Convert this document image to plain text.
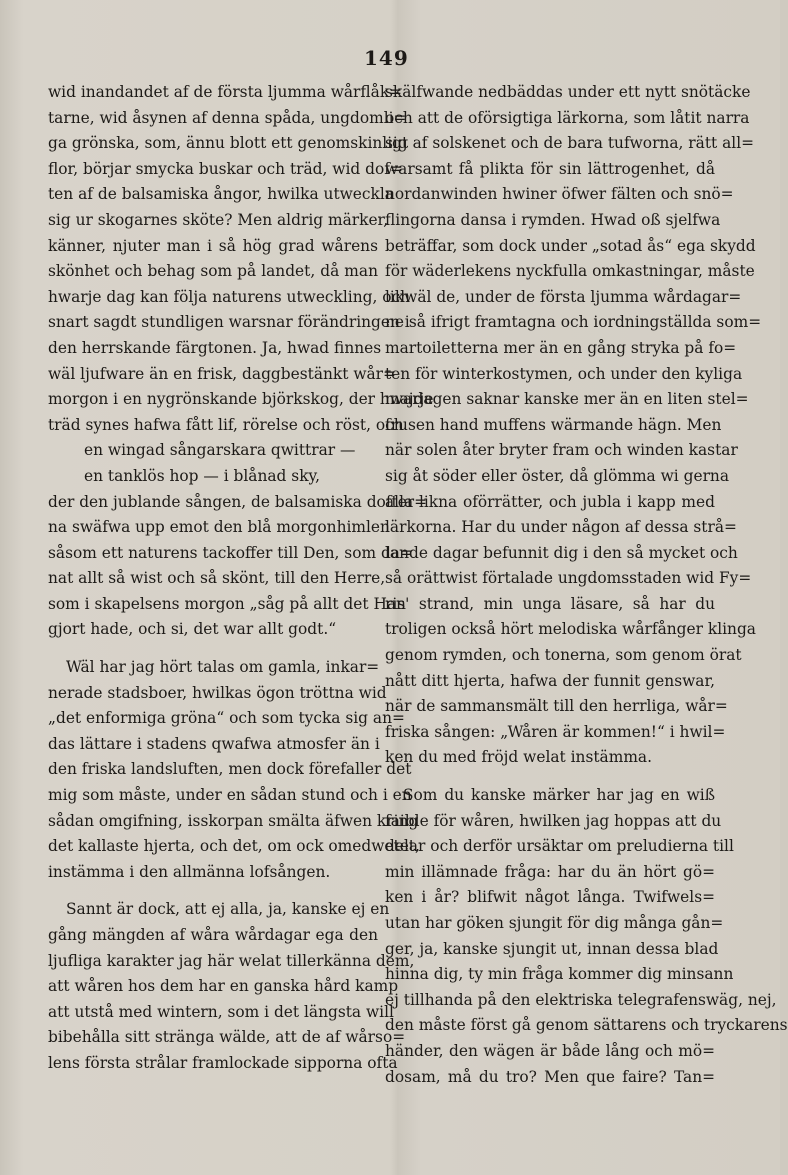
149
wid inandandet af de första ljumma wårflåk=
tarne, wid åsynen af denna spåda, ungdomli=
ga grönska, som, ännu blott ett genomskinligt
flor, börjar smycka buskar och träd, wid dof=
ten af de balsamiska ångor, hwilka utweckla
sig ur skogarnes sköte? Men aldrig märker,
känner, njuter man i så hög grad wårens
skönhet och behag som på landet, då man
hwarje dag kan följa naturens utweckling, och
snart sagdt stundligen warsnar förändringen i
den herrskande färgtonen. Ja, hwad finnes
wäl ljufware än en frisk, daggbestänkt wår=
morgon i en nygrönskande björkskog, der hwarje
träd synes hafwa fått lif, rörelse och röst, och
en wingad sångarskara qwittrar —
en tanklös hop — i blånad sky,
der den jublande sången, de balsamiska dofter=
na swäfwa upp emot den blå morgonhimlen
såsom ett naturens tackoffer till Den, som da=
nat allt så wist och så skönt, till den Herre,
som i skapelsens morgon „såg på allt det Han
gjort hade, och si, det war allt godt.“
Wäl har jag hört talas om gamla, inkar=
nerade stadsboer, hwilkas ögon tröttna wid
„det enformiga gröna“ och som tycka sig an=
das lättare i stadens qwafwa atmosfer än i
den friska landsluften, men dock förefaller det
mig som måste, under en sådan stund och i en
sådan omgifning, isskorpan smälta äfwen kring
det kallaste hjerta, och det, om ock omedwetet,
instämma i den allmänna lofsången.
Sannt är dock, att ej alla, ja, kanske ej en
gång mängden af wåra wårdagar ega den
ljufliga karakter jag här welat tillerkänna dem,
att wåren hos dem har en ganska hård kamp
att utstå med wintern, som i det längsta will
bibehålla sitt stränga wälde, att de af wårso=
lens första strålar framlockade sipporna ofta
skälfwande nedbäddas under ett nytt snötäcke
och att de oförsigtiga lärkorna, som låtit narra
sig af solskenet och de bara tufworna, rätt all=
warsamt få plikta för sin lättrogenhet, då
nordanwinden hwiner öfwer fälten och snö=
flingorna dansa i rymden. Hwad oß sjelfwa
beträffar, som dock under „sotad ås“ ega skydd
för wäderlekens nyckfulla omkastningar, måste
likwäl de, under de första ljumma wårdagar=
ne så ifrigt framtagna och iordningställda som=
martoiletterna mer än en gång stryka på fo=
ten för winterkostymen, och under den kyliga
majdagen saknar kanske mer än en liten stel=
frusen hand muffens wärmande hägn. Men
när solen åter bryter fram och winden kastar
sig åt söder eller öster, då glömma wi gerna
alla likna oförrätter, och jubla i kapp med
lärkorna. Har du under någon af dessa strå=
lande dagar befunnit dig i den så mycket och
så orättwist förtalade ungdomsstaden wid Fy=
ris' strand, min unga läsare, så har du
troligen också hört melodiska wårfånger klinga
genom rymden, och tonerna, som genom örat
nått ditt hjerta, hafwa der funnit genswar,
när de sammansmält till den herrliga, wår=
friska sången: „Wåren är kommen!“ i hwil=
ken du med fröjd welat instämma.
Som du kanske märker har jag en wiß
faible för wåren, hwilken jag hoppas att du
delar och derför ursäktar om preludierna till
min illämnade fråga: har du än hört gö=
ken i år? blifwit något långa. Twifwels=
utan har göken sjungit för dig många gån=
ger, ja, kanske sjungit ut, innan dessa blad
hinna dig, ty min fråga kommer dig minsann
ej tillhanda på den elektriska telegrafenswäg, nej,
den måste först gå genom sättarens och tryckarens
händer, den wägen är både lång och mö=
dosam, må du tro? Men que faire? Tan=
